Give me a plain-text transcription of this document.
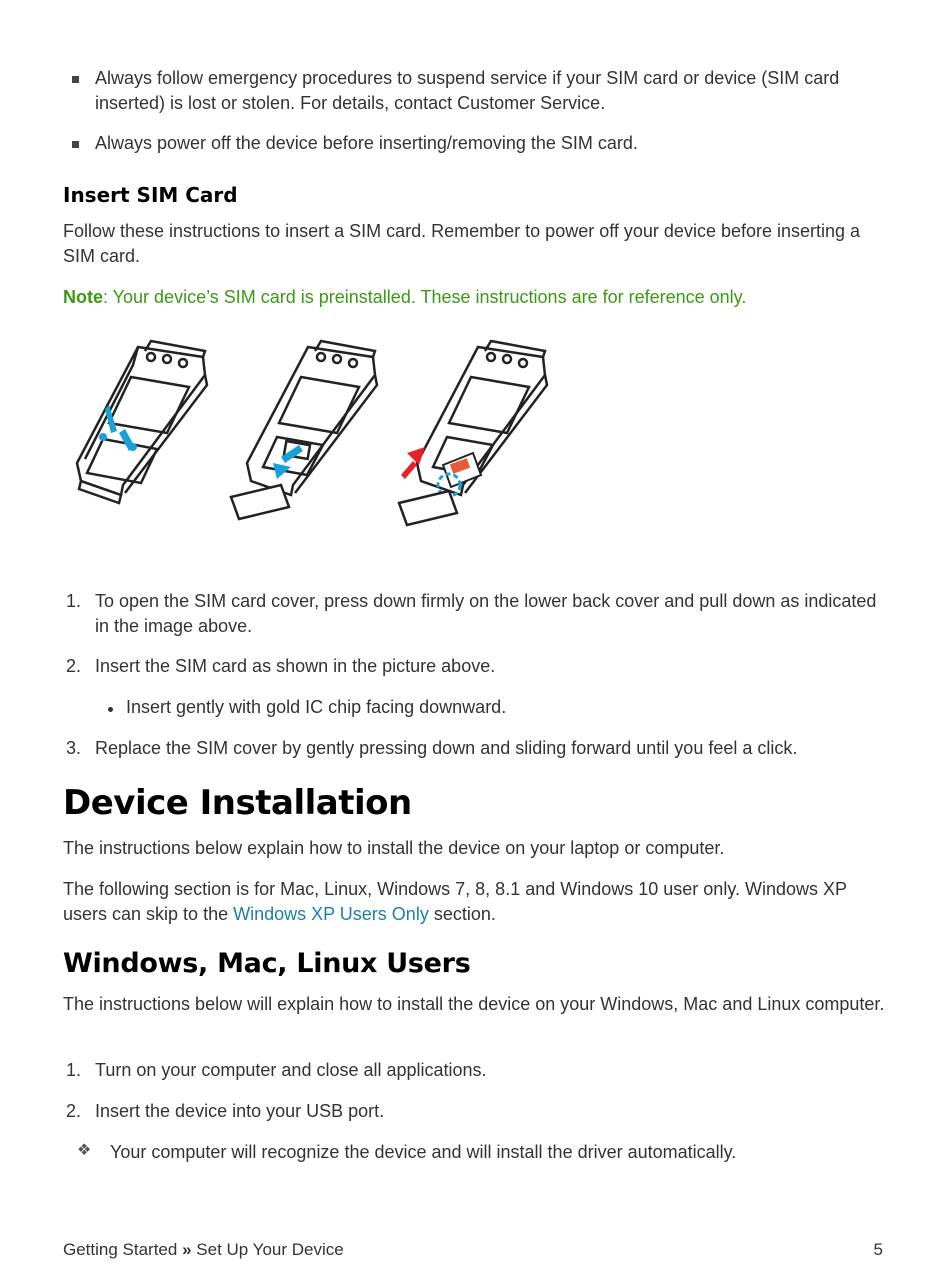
Always follow emergency procedures to suspend service if your SIM card or device (SIM card inserted) is lost or stolen. For details, contact Customer Service.

Always power off the device before inserting/removing the SIM card.

Insert SIM Card

Follow these instructions to insert a SIM card. Remember to power off your device before inserting a SIM card.

Note: Your device’s SIM card is preinstalled. These instructions are for reference only.

1. To open the SIM card cover, press down firmly on the lower back cover and pull down as indicated in the image above.

2. Insert the SIM card as shown in the picture above.

Insert gently with gold IC chip facing downward.

3. Replace the SIM cover by gently pressing down and sliding forward until you feel a click.

Device Installation

The instructions below explain how to install the device on your laptop or computer.

The following section is for Mac, Linux, Windows 7, 8, 8.1 and Windows 10 user only. Windows XP users can skip to the Windows XP Users Only section.

Windows, Mac, Linux Users

The instructions below will explain how to install the device on your Windows, Mac and Linux computer.

1. Turn on your computer and close all applications.

2. Insert the device into your USB port.

❖ Your computer will recognize the device and will install the driver automatically.

Getting Started » Set Up Your Device	5
